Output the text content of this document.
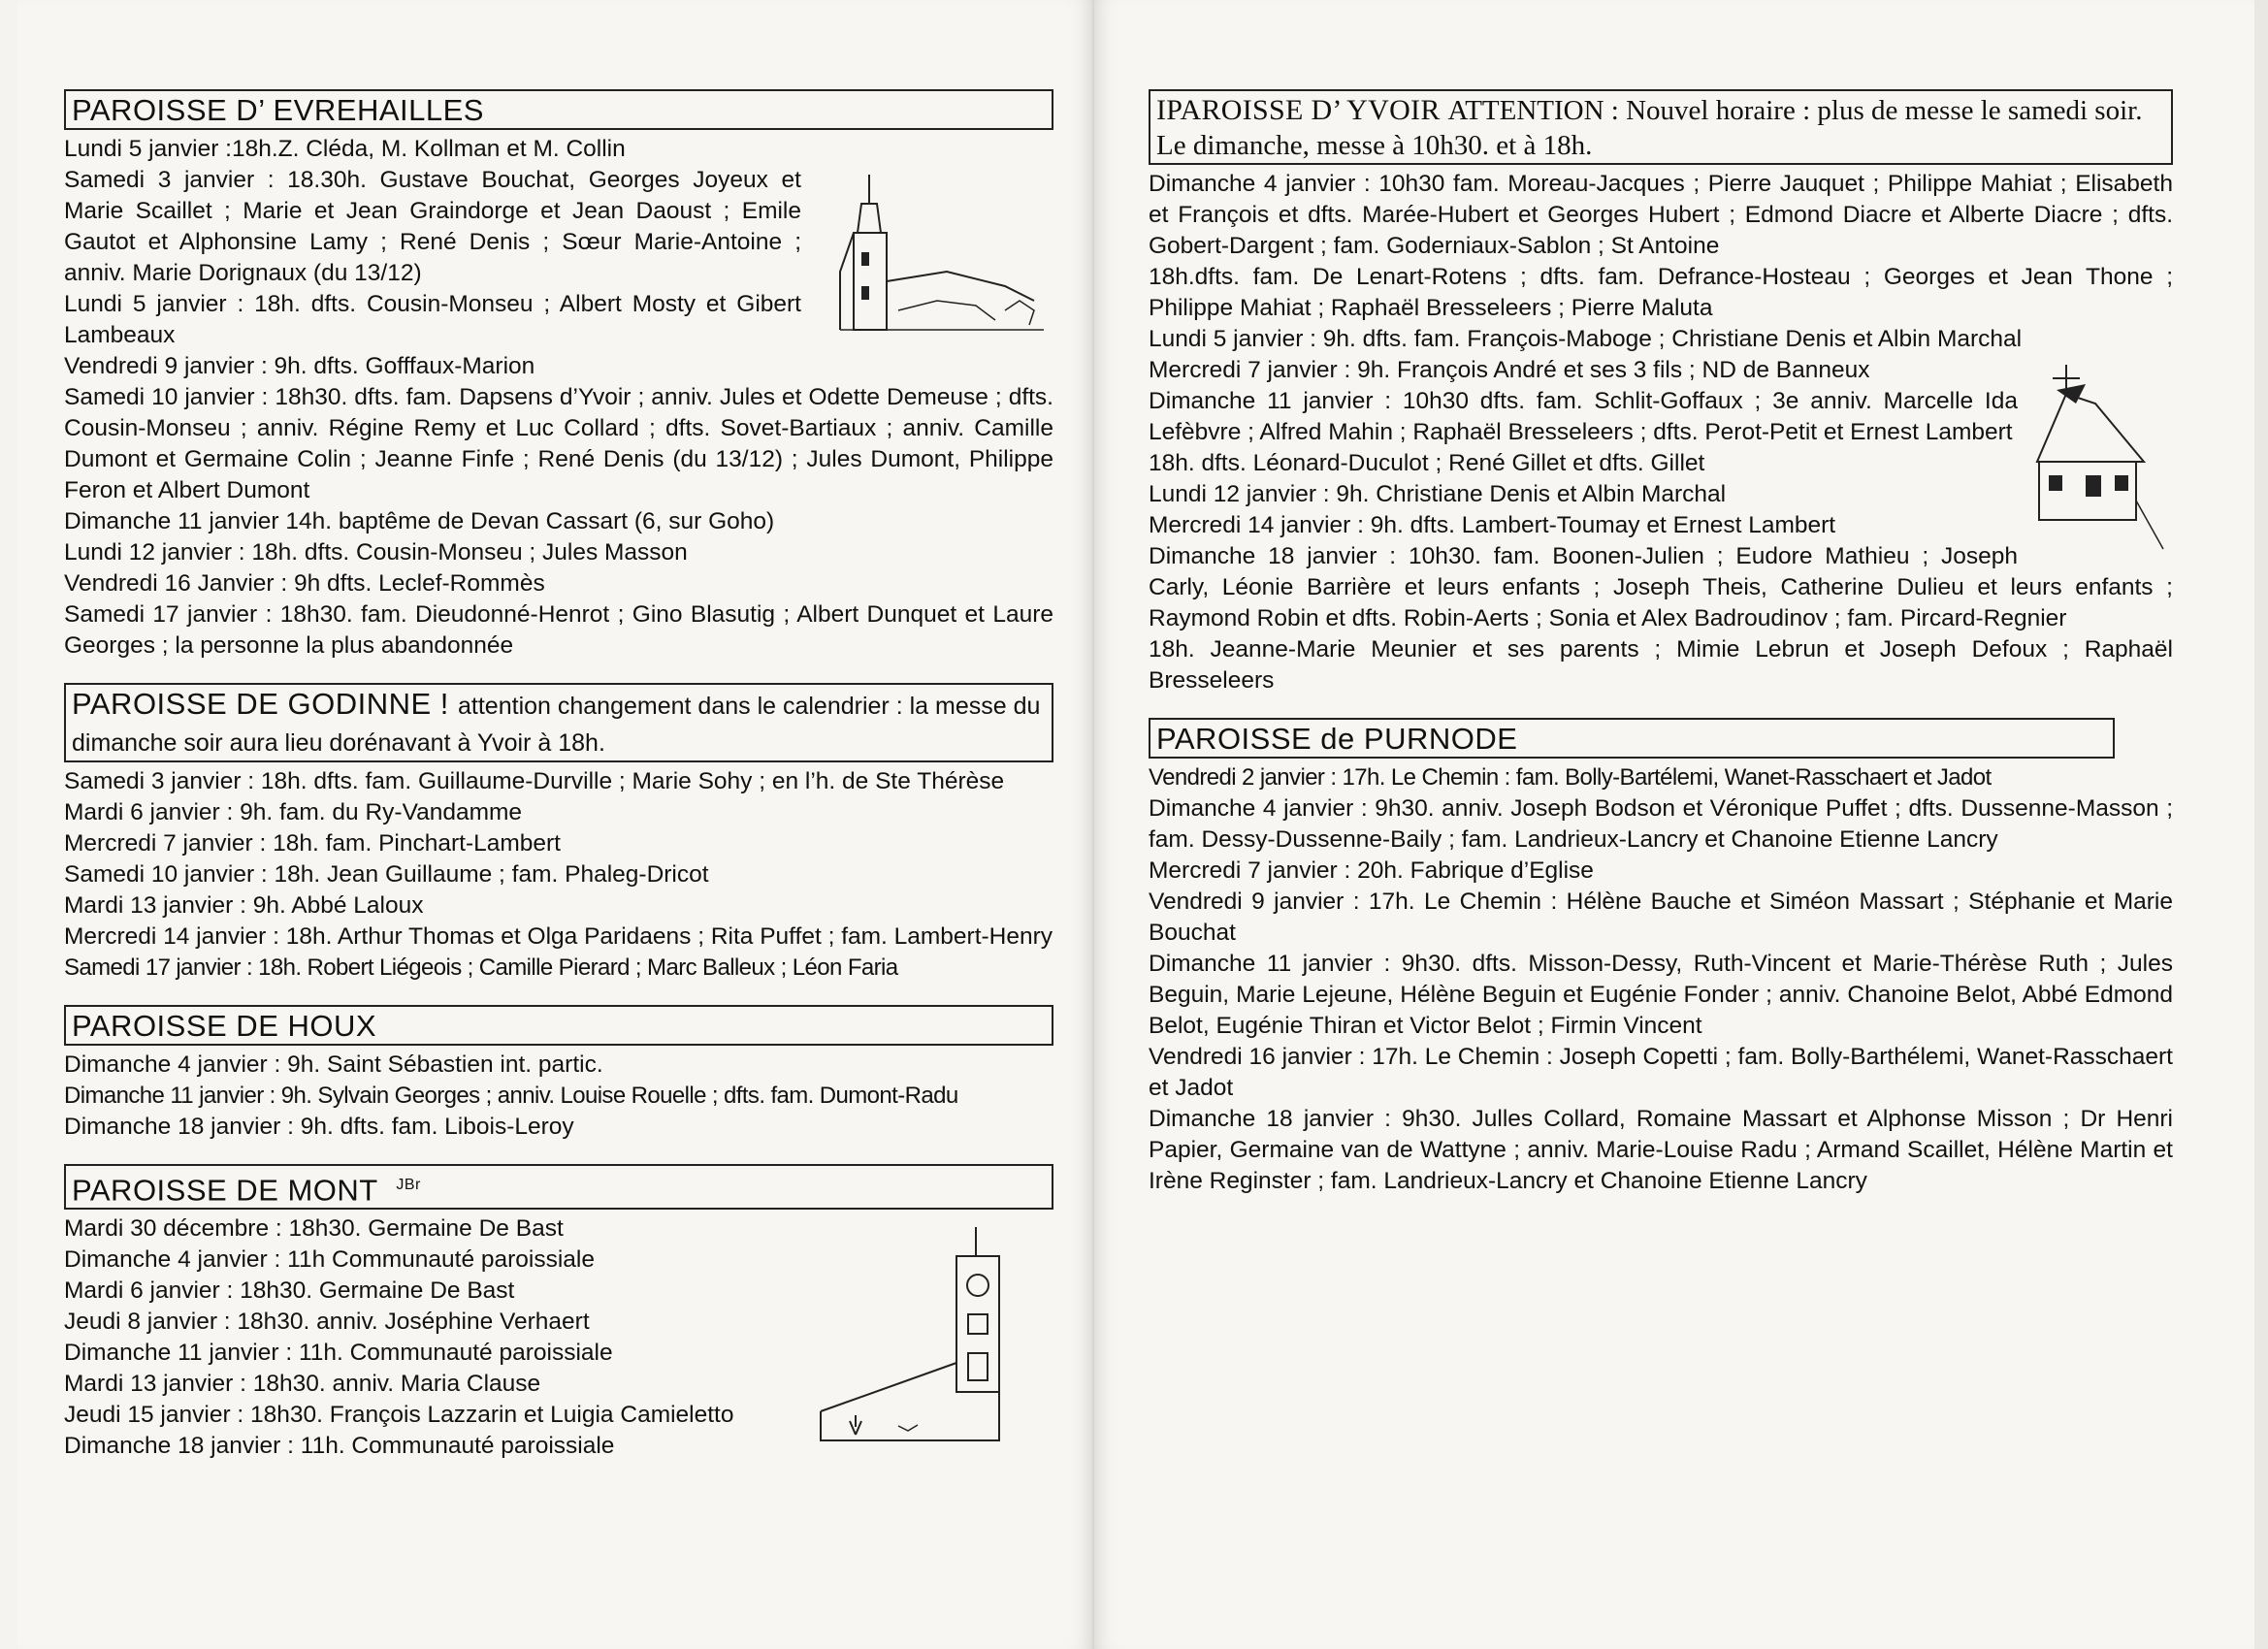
PAROISSE D’ EVREHAILLES
Lundi 5 janvier :18h.Z. Cléda, M. Kollman et M. Collin
Samedi 3 janvier : 18.30h. Gustave Bouchat, Georges Joyeux et Marie Scaillet ; Marie et Jean Graindorge et Jean Daoust ; Emile Gautot et Alphonsine Lamy ; René Denis ; Sœur Marie-Antoine ; anniv. Marie Dorignaux (du 13/12)
Lundi 5 janvier : 18h. dfts. Cousin-Monseu ; Albert Mosty et Gibert Lambeaux
Vendredi 9 janvier : 9h. dfts. Gofffaux-Marion
Samedi 10 janvier : 18h30. dfts. fam. Dapsens d’Yvoir ; anniv. Jules et Odette Demeuse ; dfts. Cousin-Monseu ; anniv. Régine Remy et Luc Collard ; dfts. Sovet-Bartiaux ; anniv. Camille Dumont et Germaine Colin ; Jeanne Finfe ; René Denis (du 13/12) ; Jules Dumont, Philippe Feron et Albert Dumont
Dimanche 11 janvier 14h. baptême de Devan Cassart (6, sur Goho)
Lundi 12 janvier : 18h. dfts. Cousin-Monseu ; Jules Masson
Vendredi 16 Janvier : 9h dfts. Leclef-Rommès
Samedi 17 janvier : 18h30. fam. Dieudonné-Henrot ; Gino Blasutig ; Albert Dunquet et Laure Georges ; la personne la plus abandonnée
PAROISSE DE GODINNE ! attention changement dans le calendrier : la messe du dimanche soir aura lieu dorénavant à Yvoir à 18h.
Samedi 3 janvier : 18h. dfts. fam. Guillaume-Durville ; Marie Sohy ; en l’h. de Ste Thérèse
Mardi 6 janvier : 9h. fam. du Ry-Vandamme
Mercredi 7 janvier : 18h. fam. Pinchart-Lambert
Samedi 10 janvier : 18h. Jean Guillaume ; fam. Phaleg-Dricot
Mardi 13 janvier : 9h. Abbé Laloux
Mercredi 14 janvier : 18h. Arthur Thomas et Olga Paridaens ; Rita Puffet ; fam. Lambert-Henry
Samedi 17 janvier : 18h. Robert Liégeois ; Camille Pierard ; Marc Balleux ; Léon Faria
PAROISSE DE HOUX
Dimanche 4 janvier : 9h. Saint Sébastien int. partic.
Dimanche 11 janvier : 9h. Sylvain Georges ; anniv. Louise Rouelle ; dfts. fam. Dumont-Radu
Dimanche 18 janvier : 9h. dfts. fam. Libois-Leroy
PAROISSE DE MONT $^{JBr}$
Mardi 30 décembre : 18h30. Germaine De Bast
Dimanche 4 janvier : 11h Communauté paroissiale
Mardi 6 janvier : 18h30. Germaine De Bast
Jeudi 8 janvier : 18h30. anniv. Joséphine Verhaert
Dimanche 11 janvier : 11h. Communauté paroissiale
Mardi 13 janvier : 18h30. anniv. Maria Clause
Jeudi 15 janvier : 18h30. François Lazzarin et Luigia Camieletto
Dimanche 18 janvier : 11h. Communauté paroissiale
IPAROISSE D’ YVOIR ATTENTION : Nouvel horaire : plus de messe le samedi soir. Le dimanche, messe à 10h30. et à 18h.
Dimanche 4 janvier : 10h30 fam. Moreau-Jacques ; Pierre Jauquet ; Philippe Mahiat ; Elisabeth et François et dfts. Marée-Hubert et Georges Hubert ; Edmond Diacre et Alberte Diacre ; dfts. Gobert-Dargent ; fam. Goderniaux-Sablon ; St Antoine
18h.dfts. fam. De Lenart-Rotens ; dfts. fam. Defrance-Hosteau ; Georges et Jean Thone ; Philippe Mahiat ; Raphaël Bresseleers ; Pierre Maluta
Lundi 5 janvier : 9h. dfts. fam. François-Maboge ; Christiane Denis et Albin Marchal
Mercredi 7 janvier : 9h. François André et ses 3 fils ; ND de Banneux
Dimanche 11 janvier : 10h30 dfts. fam. Schlit-Goffaux ; 3e anniv. Marcelle Ida Lefèbvre ; Alfred Mahin ; Raphaël Bresseleers ; dfts. Perot-Petit et Ernest Lambert
18h. dfts. Léonard-Duculot ; René Gillet et dfts. Gillet
Lundi 12 janvier : 9h. Christiane Denis et Albin Marchal
Mercredi 14 janvier : 9h. dfts. Lambert-Toumay et Ernest Lambert
Dimanche 18 janvier : 10h30. fam. Boonen-Julien ; Eudore Mathieu ; Joseph Carly, Léonie Barrière et leurs enfants ; Joseph Theis, Catherine Dulieu et leurs enfants ; Raymond Robin et dfts. Robin-Aerts ; Sonia et Alex Badroudinov ; fam. Pircard-Regnier
18h. Jeanne-Marie Meunier et ses parents ; Mimie Lebrun et Joseph Defoux ; Raphaël Bresseleers
PAROISSE de PURNODE
Vendredi 2 janvier : 17h. Le Chemin : fam. Bolly-Bartélemi, Wanet-Rasschaert et Jadot
Dimanche 4 janvier : 9h30. anniv. Joseph Bodson et Véronique Puffet ; dfts. Dussenne-Masson ; fam. Dessy-Dussenne-Baily ; fam. Landrieux-Lancry et Chanoine Etienne Lancry
Mercredi 7 janvier : 20h. Fabrique d’Eglise
Vendredi 9 janvier : 17h. Le Chemin : Hélène Bauche et Siméon Massart ; Stéphanie et Marie Bouchat
Dimanche 11 janvier : 9h30. dfts. Misson-Dessy, Ruth-Vincent et Marie-Thérèse Ruth ; Jules Beguin, Marie Lejeune, Hélène Beguin et Eugénie Fonder ; anniv. Chanoine Belot, Abbé Edmond Belot, Eugénie Thiran et Victor Belot ; Firmin Vincent
Vendredi 16 janvier : 17h. Le Chemin : Joseph Copetti ; fam. Bolly-Barthélemi, Wanet-Rasschaert et Jadot
Dimanche 18 janvier : 9h30. Julles Collard, Romaine Massart et Alphonse Misson ; Dr Henri Papier, Germaine van de Wattyne ; anniv. Marie-Louise Radu ; Armand Scaillet, Hélène Martin et Irène Reginster ; fam. Landrieux-Lancry et Chanoine Etienne Lancry
